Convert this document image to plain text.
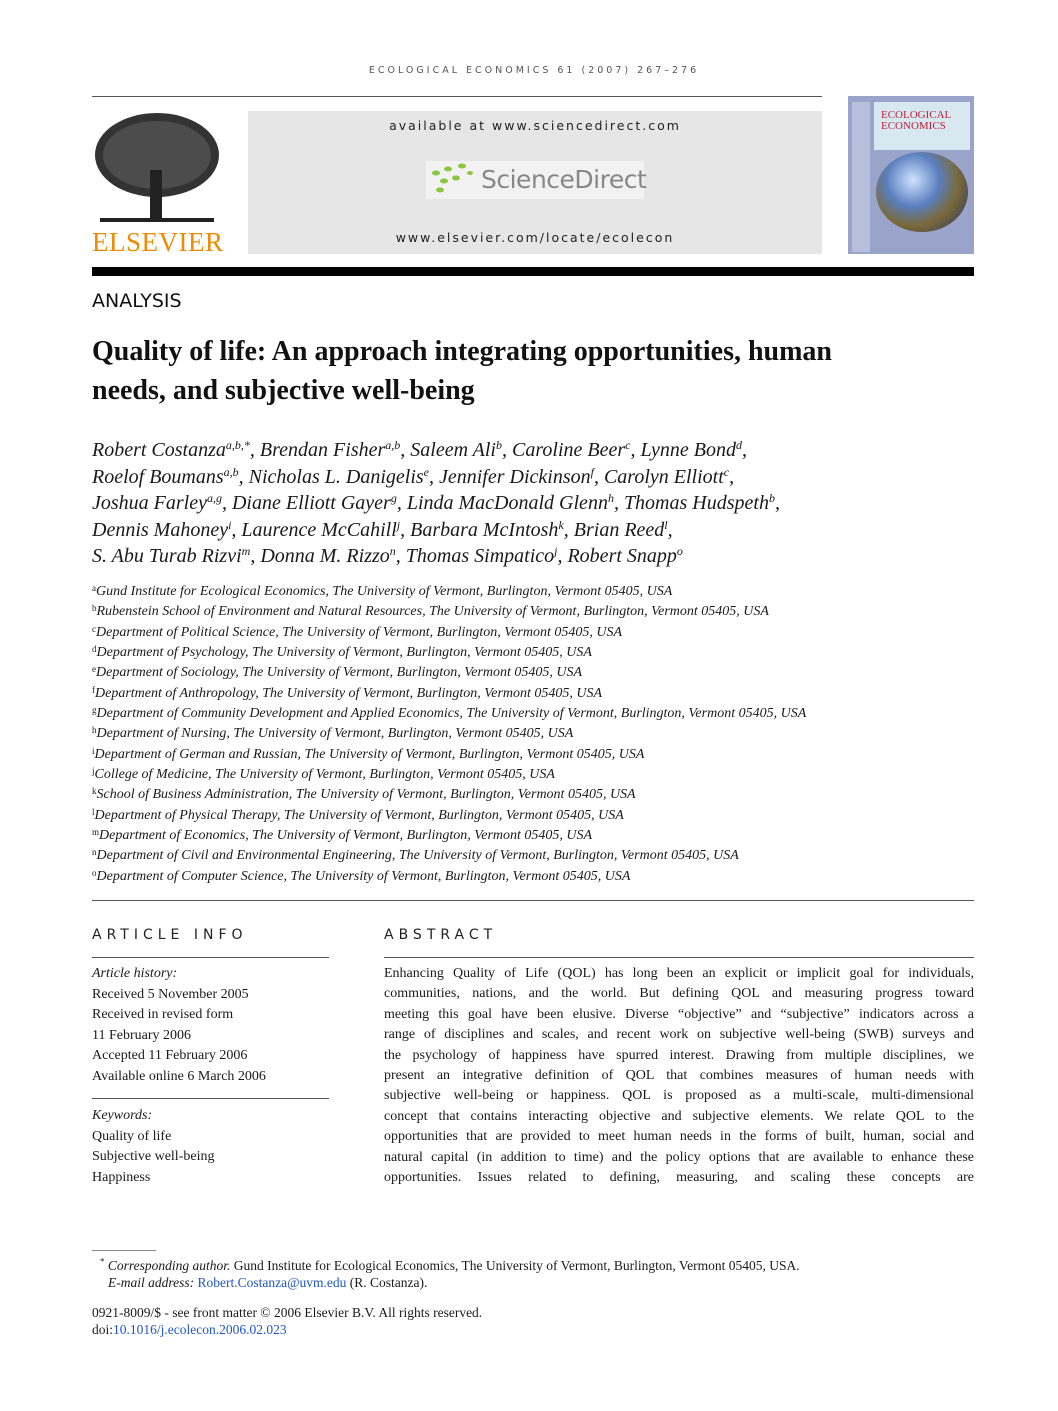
ECOLOGICAL ECONOMICS 61 (2007) 267–276
ELSEVIER
available at www.sciencedirect.com
ScienceDirect
www.elsevier.com/locate/ecolecon
ECOLOGICAL ECONOMICS
ANALYSIS
Quality of life: An approach integrating opportunities, human
needs, and subjective well-being
Robert Costanza$^{a,b,*}$, Brendan Fisher$^{a,b}$, Saleem Ali$^b$, Caroline Beer$^c$, Lynne Bond$^d$,
Roelof Boumans$^{a,b}$, Nicholas L. Danigelis$^e$, Jennifer Dickinson$^f$, Carolyn Elliott$^c$,
Joshua Farley$^{a,g}$, Diane Elliott Gayer$^g$, Linda MacDonald Glenn$^h$, Thomas Hudspeth$^b$,
Dennis Mahoney$^i$, Laurence McCahill$^j$, Barbara McIntosh$^k$, Brian Reed$^l$,
S. Abu Turab Rizvi$^m$, Donna M. Rizzo$^n$, Thomas Simpatico$^j$, Robert Snapp$^o$
$^a$Gund Institute for Ecological Economics, The University of Vermont, Burlington, Vermont 05405, USA
$^b$Rubenstein School of Environment and Natural Resources, The University of Vermont, Burlington, Vermont 05405, USA
$^c$Department of Political Science, The University of Vermont, Burlington, Vermont 05405, USA
$^d$Department of Psychology, The University of Vermont, Burlington, Vermont 05405, USA
$^e$Department of Sociology, The University of Vermont, Burlington, Vermont 05405, USA
$^f$Department of Anthropology, The University of Vermont, Burlington, Vermont 05405, USA
$^g$Department of Community Development and Applied Economics, The University of Vermont, Burlington, Vermont 05405, USA
$^h$Department of Nursing, The University of Vermont, Burlington, Vermont 05405, USA
$^i$Department of German and Russian, The University of Vermont, Burlington, Vermont 05405, USA
$^j$College of Medicine, The University of Vermont, Burlington, Vermont 05405, USA
$^k$School of Business Administration, The University of Vermont, Burlington, Vermont 05405, USA
$^l$Department of Physical Therapy, The University of Vermont, Burlington, Vermont 05405, USA
$^m$Department of Economics, The University of Vermont, Burlington, Vermont 05405, USA
$^n$Department of Civil and Environmental Engineering, The University of Vermont, Burlington, Vermont 05405, USA
$^o$Department of Computer Science, The University of Vermont, Burlington, Vermont 05405, USA
ARTICLE INFO
Article history:
Received 5 November 2005
Received in revised form
11 February 2006
Accepted 11 February 2006
Available online 6 March 2006
Keywords:
Quality of life
Subjective well-being
Happiness
ABSTRACT
Enhancing Quality of Life (QOL) has long been an explicit or implicit goal for individuals,
communities, nations, and the world. But defining QOL and measuring progress toward
meeting this goal have been elusive. Diverse “objective” and “subjective” indicators across a
range of disciplines and scales, and recent work on subjective well-being (SWB) surveys and
the psychology of happiness have spurred interest. Drawing from multiple disciplines, we
present an integrative definition of QOL that combines measures of human needs with
subjective well-being or happiness. QOL is proposed as a multi-scale, multi-dimensional
concept that contains interacting objective and subjective elements. We relate QOL to the
opportunities that are provided to meet human needs in the forms of built, human, social and
natural capital (in addition to time) and the policy options that are available to enhance these
opportunities. Issues related to defining, measuring, and scaling these concepts are
* Corresponding author. Gund Institute for Ecological Economics, The University of Vermont, Burlington, Vermont 05405, USA.
E-mail address: Robert.Costanza@uvm.edu (R. Costanza).
0921-8009/$ - see front matter © 2006 Elsevier B.V. All rights reserved.
doi:10.1016/j.ecolecon.2006.02.023
